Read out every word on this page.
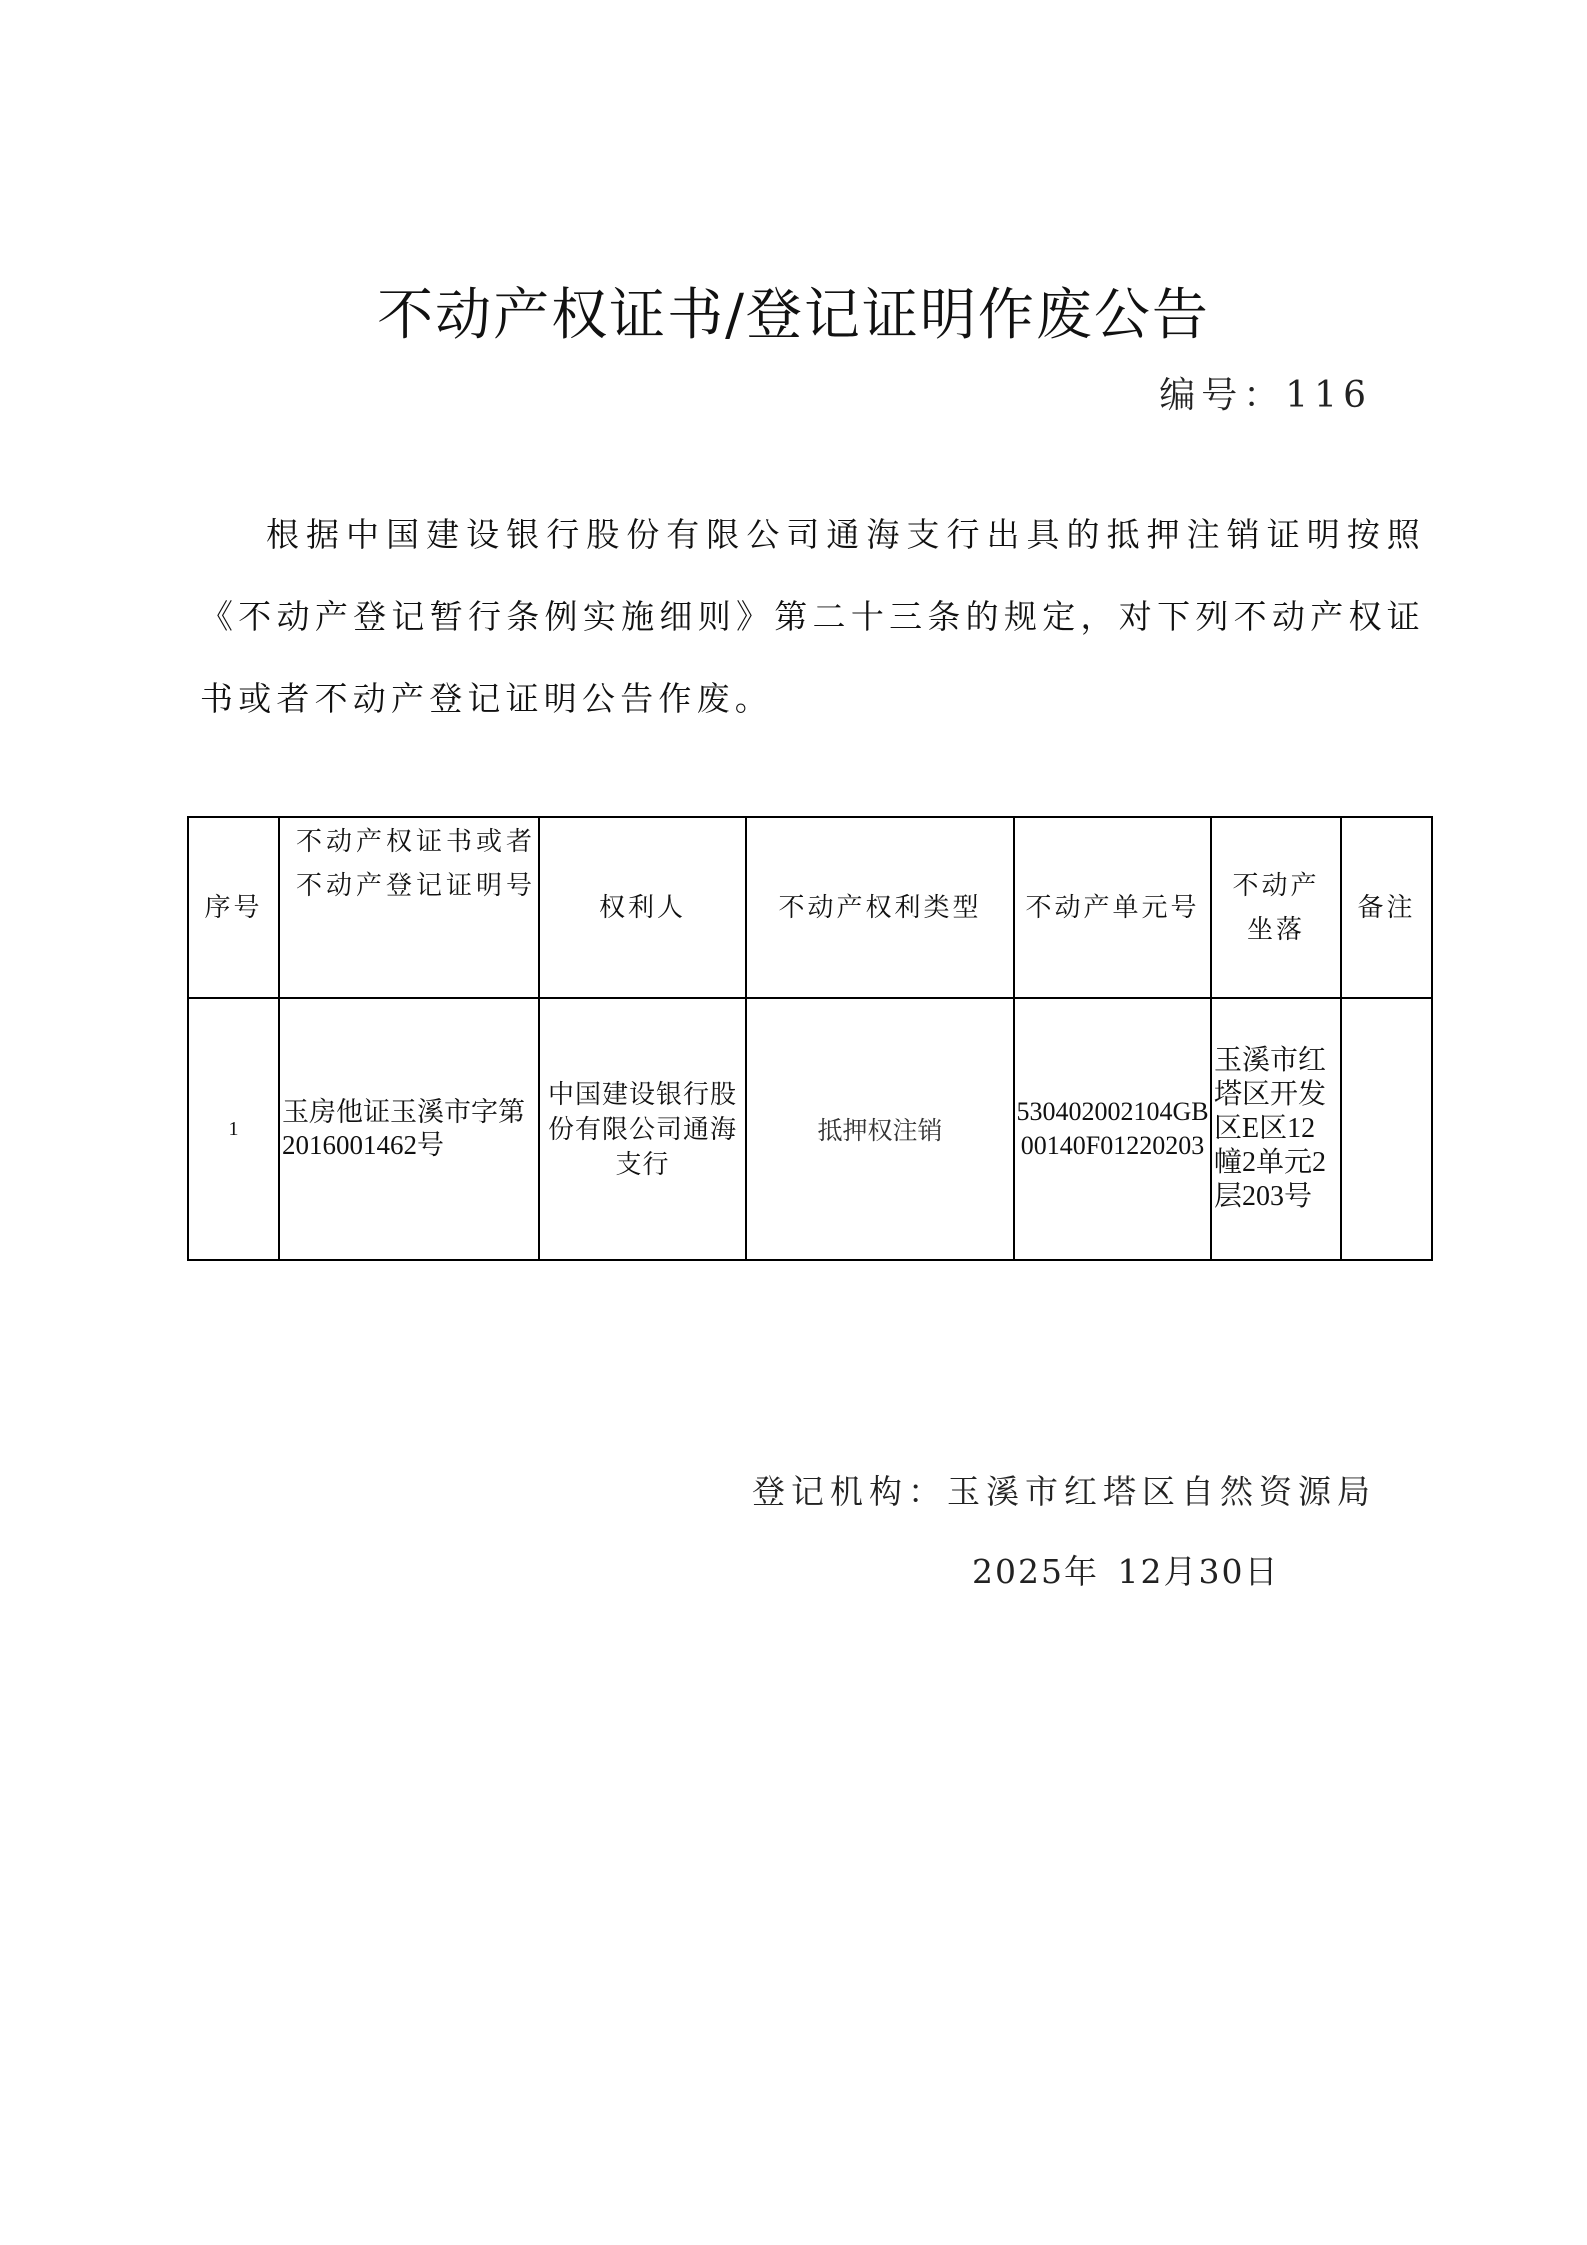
不动产权证书/登记证明作废公告
编号：116
根据中国建设银行股份有限公司通海支行出具的抵押注销证明按照《不动产登记暂行条例实施细则》第二十三条的规定，对下列不动产权证书或者不动产登记证明公告作废。
序号	不动产权证书或者不动产登记证明号	权利人	不动产权利类型	不动产单元号	不动产坐落	备注
1	玉房他证玉溪市字第2016001462号	中国建设银行股份有限公司通海支行	抵押权注销	530402002104GB00140F01220203	玉溪市红塔区开发区E区12幢2单元2层203号	
登记机构：玉溪市红塔区自然资源局
2025年 12月30日
